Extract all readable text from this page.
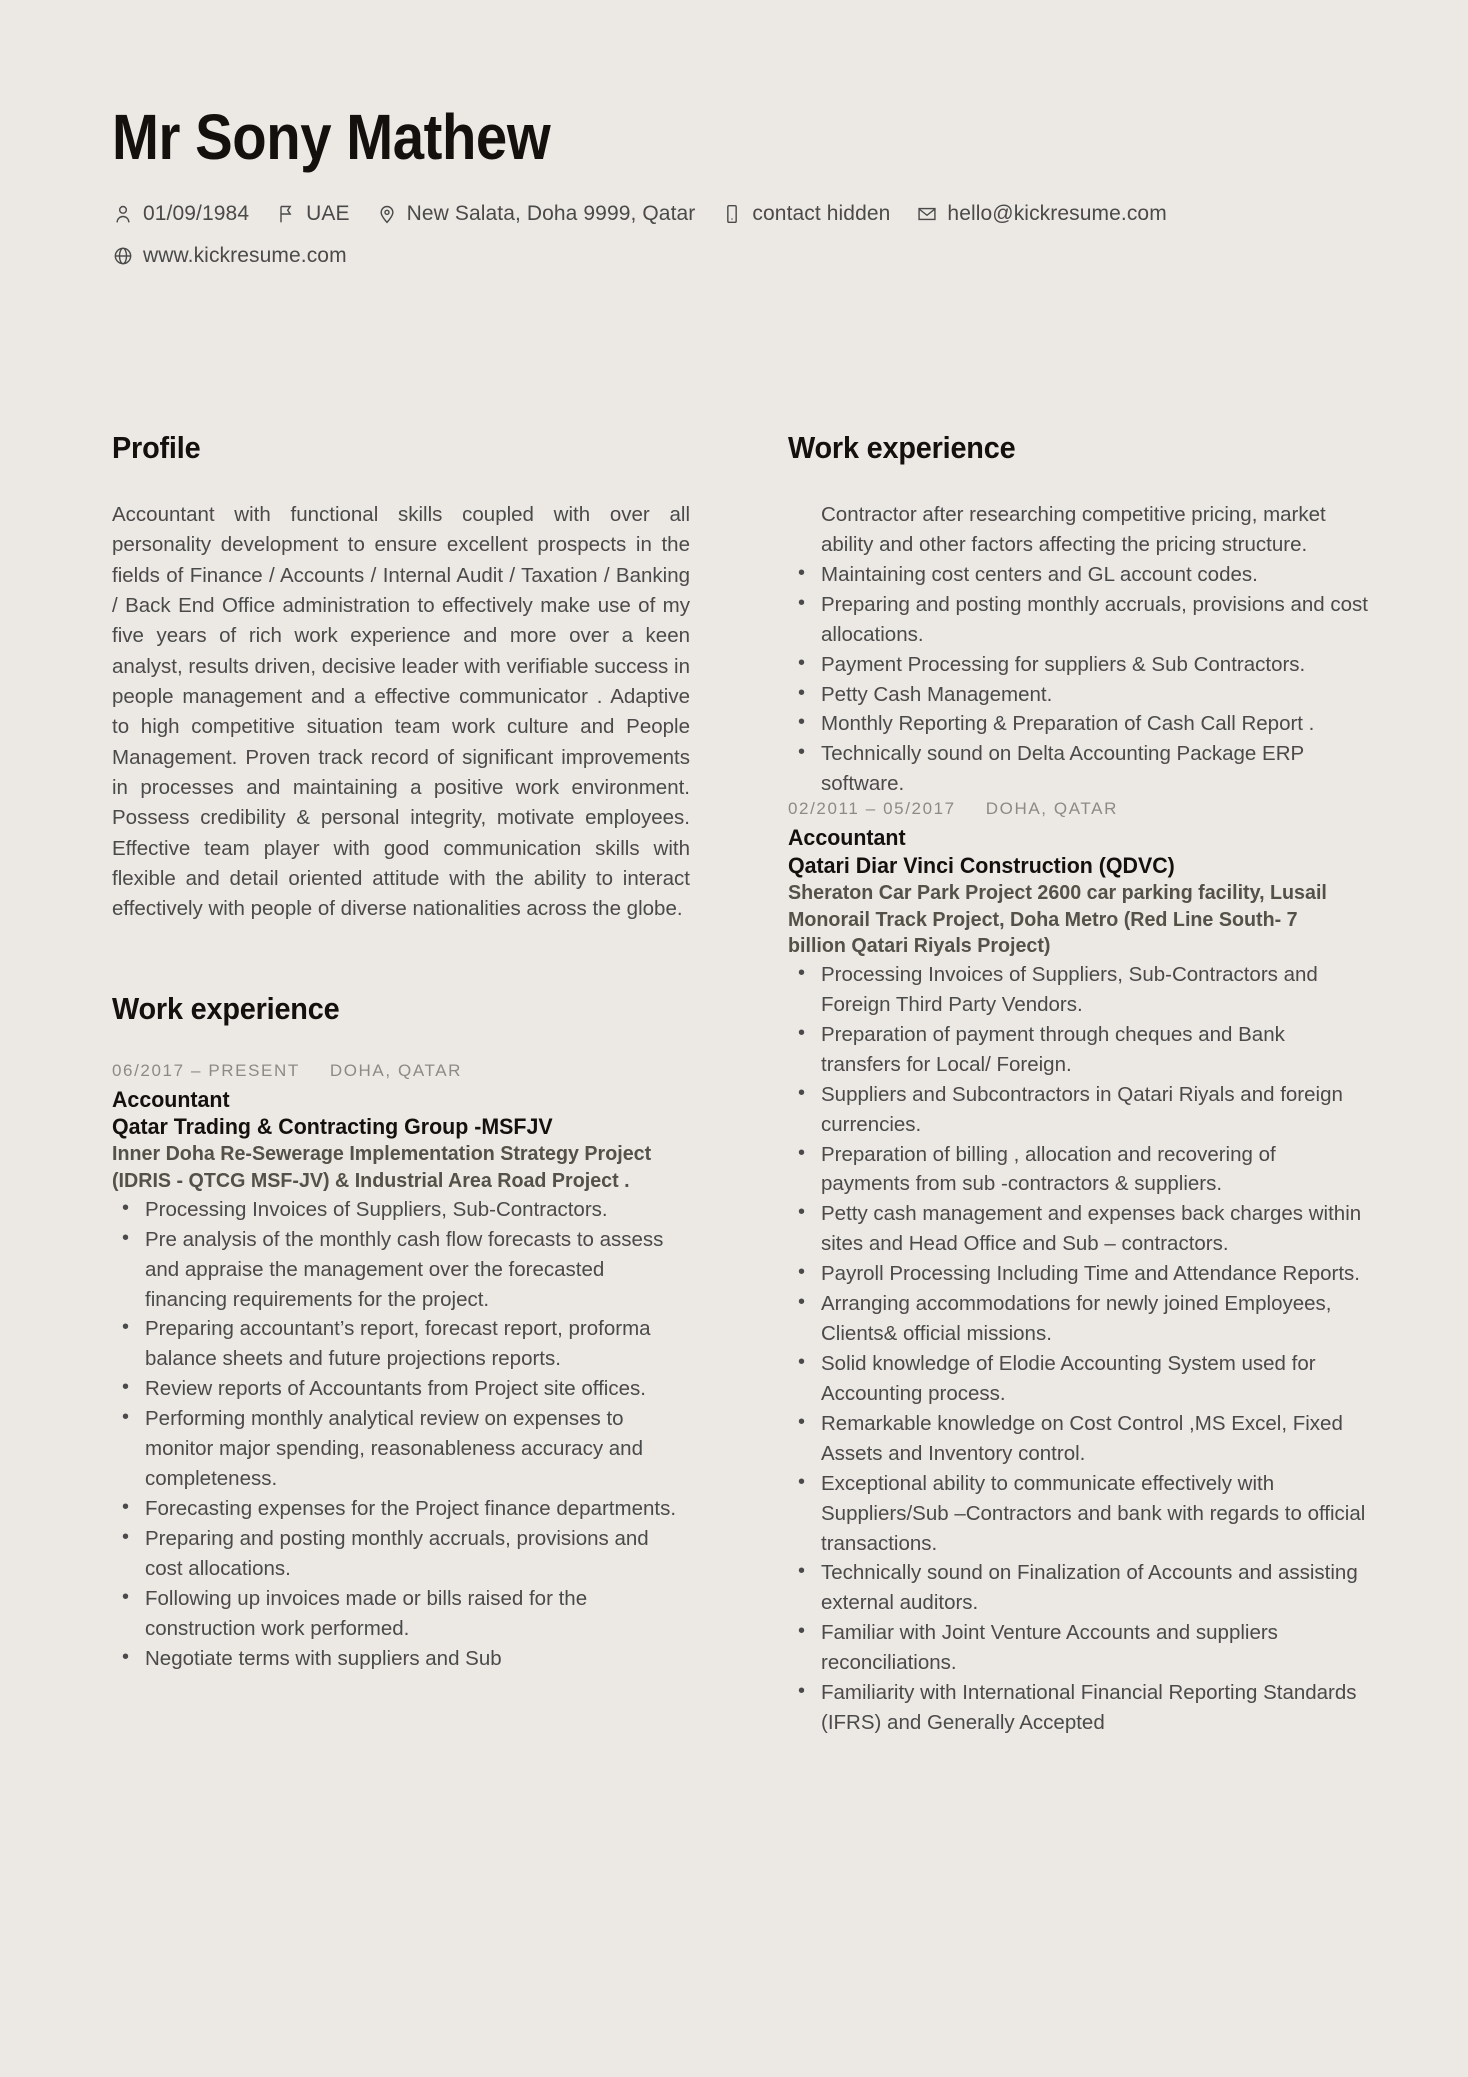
Mr Sony Mathew
01/09/1984	UAE	New Salata, Doha 9999, Qatar	contact hidden	hello@kickresume.com
www.kickresume.com
Profile

Accountant with functional skills coupled with over all personality development to ensure excellent prospects in the fields of Finance / Accounts / Internal Audit / Taxation / Banking / Back End Office administration to effectively make use of my five years of rich work experience and more over a keen analyst, results driven, decisive leader with verifiable success in people management and a effective communicator . Adaptive to high competitive situation team work culture and People Management. Proven track record of significant improvements in processes and maintaining a positive work environment. Possess credibility & personal integrity, motivate employees. Effective team player with good communication skills with flexible and detail oriented attitude with the ability to interact effectively with people of diverse nationalities across the globe.

Work experience
06/2017 – PRESENT DOHA, QATAR
Accountant
Qatar Trading & Contracting Group -MSFJV
Inner Doha Re-Sewerage Implementation Strategy Project (IDRIS - QTCG MSF-JV) & Industrial Area Road Project .
• Processing Invoices of Suppliers, Sub-Contractors.
• Pre analysis of the monthly cash flow forecasts to assess and appraise the management over the forecasted financing requirements for the project.
• Preparing accountant’s report, forecast report, proforma balance sheets and future projections reports.
• Review reports of Accountants from Project site offices.
• Performing monthly analytical review on expenses to monitor major spending, reasonableness accuracy and completeness.
• Forecasting expenses for the Project finance departments.
• Preparing and posting monthly accruals, provisions and cost allocations.
• Following up invoices made or bills raised for the construction work performed.
• Negotiate terms with suppliers and Sub
Work experience

Contractor after researching competitive pricing, market ability and other factors affecting the pricing structure.

• Maintaining cost centers and GL account codes.
• Preparing and posting monthly accruals, provisions and cost allocations.
• Payment Processing for suppliers & Sub Contractors.
• Petty Cash Management.
• Monthly Reporting & Preparation of Cash Call Report .
• Technically sound on Delta Accounting Package ERP software.
02/2011 – 05/2017 DOHA, QATAR
Accountant
Qatari Diar Vinci Construction (QDVC)
Sheraton Car Park Project 2600 car parking facility, Lusail Monorail Track Project, Doha Metro (Red Line South- 7 billion Qatari Riyals Project)
• Processing Invoices of Suppliers, Sub-Contractors and Foreign Third Party Vendors.
• Preparation of payment through cheques and Bank transfers for Local/ Foreign.
• Suppliers and Subcontractors in Qatari Riyals and foreign currencies.
• Preparation of billing , allocation and recovering of payments from sub -contractors & suppliers.
• Petty cash management and expenses back charges within sites and Head Office and Sub – contractors.
• Payroll Processing Including Time and Attendance Reports.
• Arranging accommodations for newly joined Employees, Clients& official missions.
• Solid knowledge of Elodie Accounting System used for Accounting process.
• Remarkable knowledge on Cost Control ,MS Excel, Fixed Assets and Inventory control.
• Exceptional ability to communicate effectively with Suppliers/Sub –Contractors and bank with regards to official transactions.
• Technically sound on Finalization of Accounts and assisting external auditors.
• Familiar with Joint Venture Accounts and suppliers reconciliations.
• Familiarity with International Financial Reporting Standards (IFRS) and Generally Accepted
